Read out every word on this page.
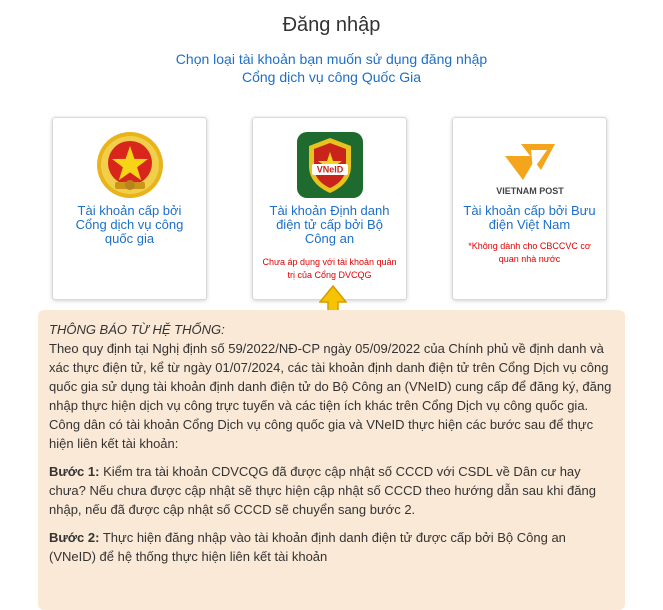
Đăng nhập
Chọn loại tài khoản bạn muốn sử dụng đăng nhập
Cổng dịch vụ công Quốc Gia
Tài khoản cấp bởi Cổng dịch vụ công quốc gia
VNeID
Tài khoản Định danh điện tử cấp bởi Bộ Công an
Chưa áp dụng với tài khoản quản trị của Cổng DVCQG
VIETNAM POST
Tài khoản cấp bởi Bưu điện Việt Nam
*Không dành cho CBCCVC cơ quan nhà nước

THÔNG BÁO TỪ HỆ THỐNG:

Theo quy định tại Nghị định số 59/2022/NĐ-CP ngày 05/09/2022 của Chính phủ về định danh và xác thực điện tử, kể từ ngày 01/07/2024, các tài khoản định danh điện tử trên Cổng Dịch vụ công quốc gia sử dụng tài khoản định danh điện tử do Bộ Công an (VNeID) cung cấp để đăng ký, đăng nhập thực hiện dịch vụ công trực tuyến và các tiện ích khác trên Cổng Dịch vụ công quốc gia. Công dân có tài khoản Cổng Dịch vụ công quốc gia và VNeID thực hiện các bước sau để thực hiện liên kết tài khoản:

Bước 1: Kiểm tra tài khoản CDVCQG đã được cập nhật số CCCD với CSDL về Dân cư hay chưa? Nếu chưa được cập nhật sẽ thực hiện cập nhật số CCCD theo hướng dẫn sau khi đăng nhập, nếu đã được cập nhật số CCCD sẽ chuyển sang bước 2.

Bước 2: Thực hiện đăng nhập vào tài khoản định danh điện tử được cấp bởi Bộ Công an (VNeID) để hệ thống thực hiện liên kết tài khoản
